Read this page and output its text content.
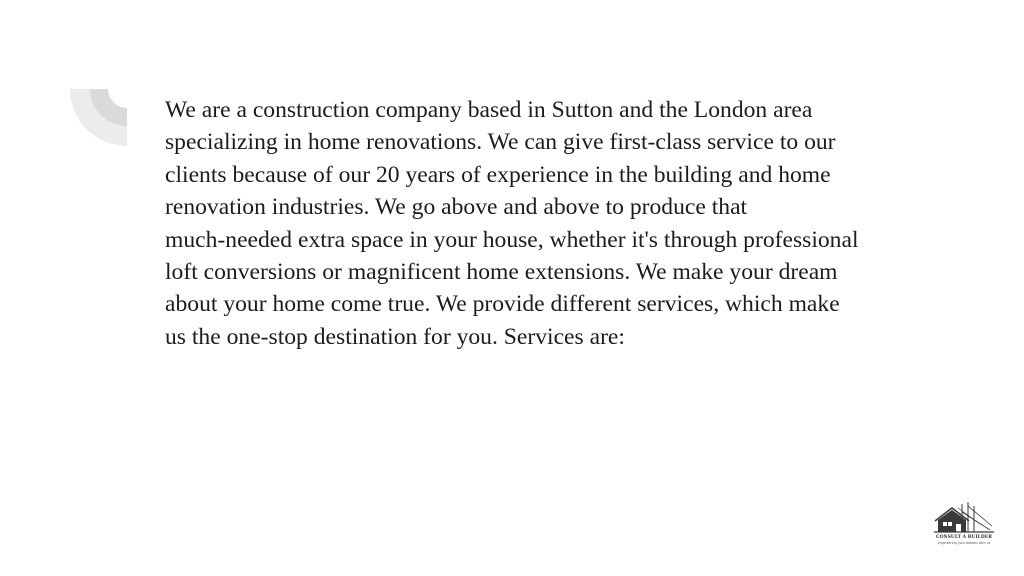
We are a construction company based in Sutton and the London area
specializing in home renovations. We can give first-class service to our
clients because of our 20 years of experience in the building and home
renovation industries. We go above and above to produce that
much-needed extra space in your house, whether it's through professional
loft conversions or magnificent home extensions. We make your dream
about your home come true. We provide different services, which make
us the one-stop destination for you. Services are:

CONSULT A BUILDER
engineering your dreams with us
